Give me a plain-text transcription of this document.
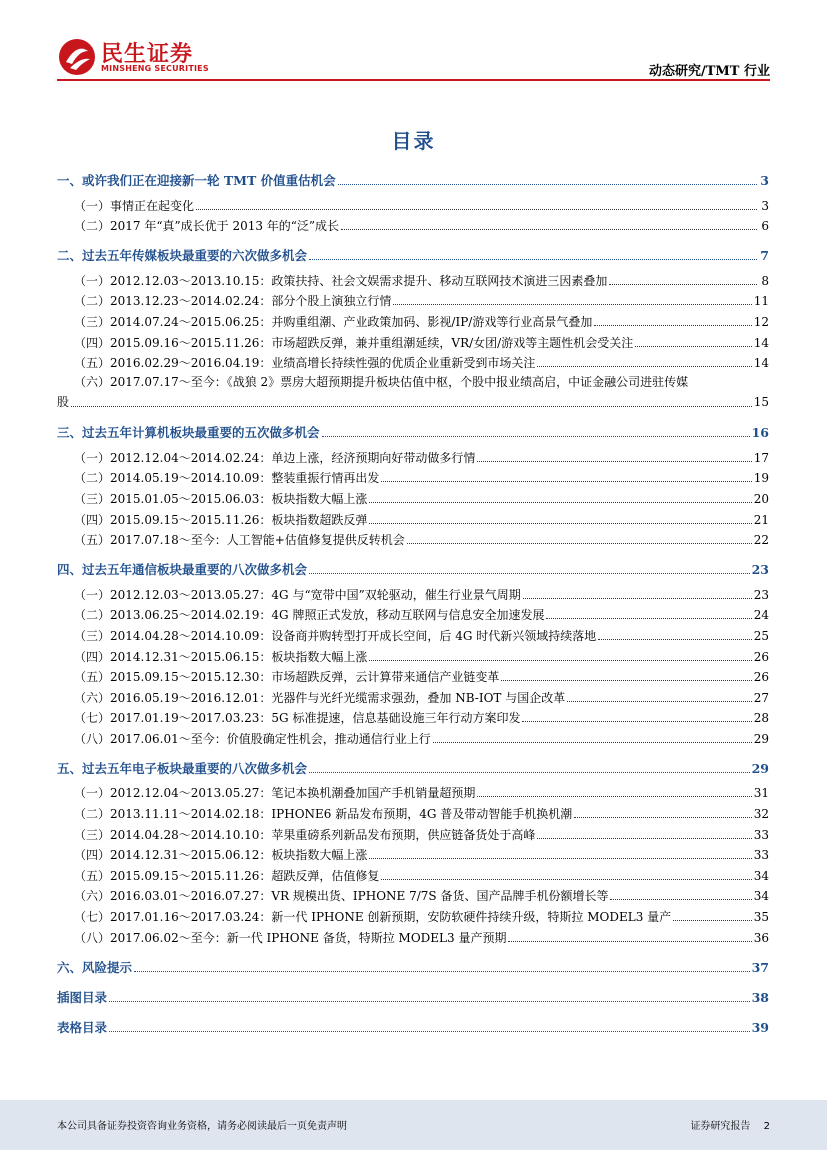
民生证券
MINSHENG SECURITIES	动态研究/TMT 行业
目录
一、或许我们正在迎接新一轮 TMT 价值重估机会	3
（一）事情正在起变化	3
（二）2017 年“真”成长优于 2013 年的“泛”成长	6
二、过去五年传媒板块最重要的六次做多机会	7
（一）2012.12.03～2013.10.15：政策扶持、社会文娱需求提升、移动互联网技术演进三因素叠加	8
（二）2013.12.23～2014.02.24：部分个股上演独立行情	11
（三）2014.07.24～2015.06.25：并购重组潮、产业政策加码、影视/IP/游戏等行业高景气叠加	12
（四）2015.09.16～2015.11.26：市场超跌反弹，兼并重组潮延续，VR/女团/游戏等主题性机会受关注	14
（五）2016.02.29～2016.04.19：业绩高增长持续性强的优质企业重新受到市场关注	14
（六）2017.07.17～至今：《战狼 2》票房大超预期提升板块估值中枢，个股中报业绩高启，中证金融公司进驻传媒
股	15
三、过去五年计算机板块最重要的五次做多机会	16
（一）2012.12.04～2014.02.24：单边上涨，经济预期向好带动做多行情	17
（二）2014.05.19～2014.10.09：整装重振行情再出发	19
（三）2015.01.05～2015.06.03：板块指数大幅上涨	20
（四）2015.09.15～2015.11.26：板块指数超跌反弹	21
（五）2017.07.18～至今：人工智能+估值修复提供反转机会	22
四、过去五年通信板块最重要的八次做多机会	23
（一）2012.12.03～2013.05.27：4G 与“宽带中国”双轮驱动，催生行业景气周期	23
（二）2013.06.25～2014.02.19：4G 牌照正式发放，移动互联网与信息安全加速发展	24
（三）2014.04.28～2014.10.09：设备商并购转型打开成长空间，后 4G 时代新兴领域持续落地	25
（四）2014.12.31～2015.06.15：板块指数大幅上涨	26
（五）2015.09.15～2015.12.30：市场超跌反弹，云计算带来通信产业链变革	26
（六）2016.05.19～2016.12.01：光器件与光纤光缆需求强劲，叠加 NB-IOT 与国企改革	27
（七）2017.01.19～2017.03.23：5G 标准提速，信息基础设施三年行动方案印发	28
（八）2017.06.01～至今：价值股确定性机会，推动通信行业上行	29
五、过去五年电子板块最重要的八次做多机会	29
（一）2012.12.04～2013.05.27：笔记本换机潮叠加国产手机销量超预期	31
（二）2013.11.11～2014.02.18：IPHONE6 新品发布预期，4G 普及带动智能手机换机潮	32
（三）2014.04.28～2014.10.10：苹果重磅系列新品发布预期，供应链备货处于高峰	33
（四）2014.12.31～2015.06.12：板块指数大幅上涨	33
（五）2015.09.15～2015.11.26：超跌反弹，估值修复	34
（六）2016.03.01～2016.07.27：VR 规模出货、IPHONE 7/7S 备货、国产品牌手机份额增长等	34
（七）2017.01.16～2017.03.24：新一代 IPHONE 创新预期，安防软硬件持续升级，特斯拉 MODEL3 量产	35
（八）2017.06.02～至今：新一代 IPHONE 备货，特斯拉 MODEL3 量产预期	36
六、风险提示	37
插图目录	38
表格目录	39
本公司具备证券投资咨询业务资格，请务必阅读最后一页免责声明	证券研究报告 2
